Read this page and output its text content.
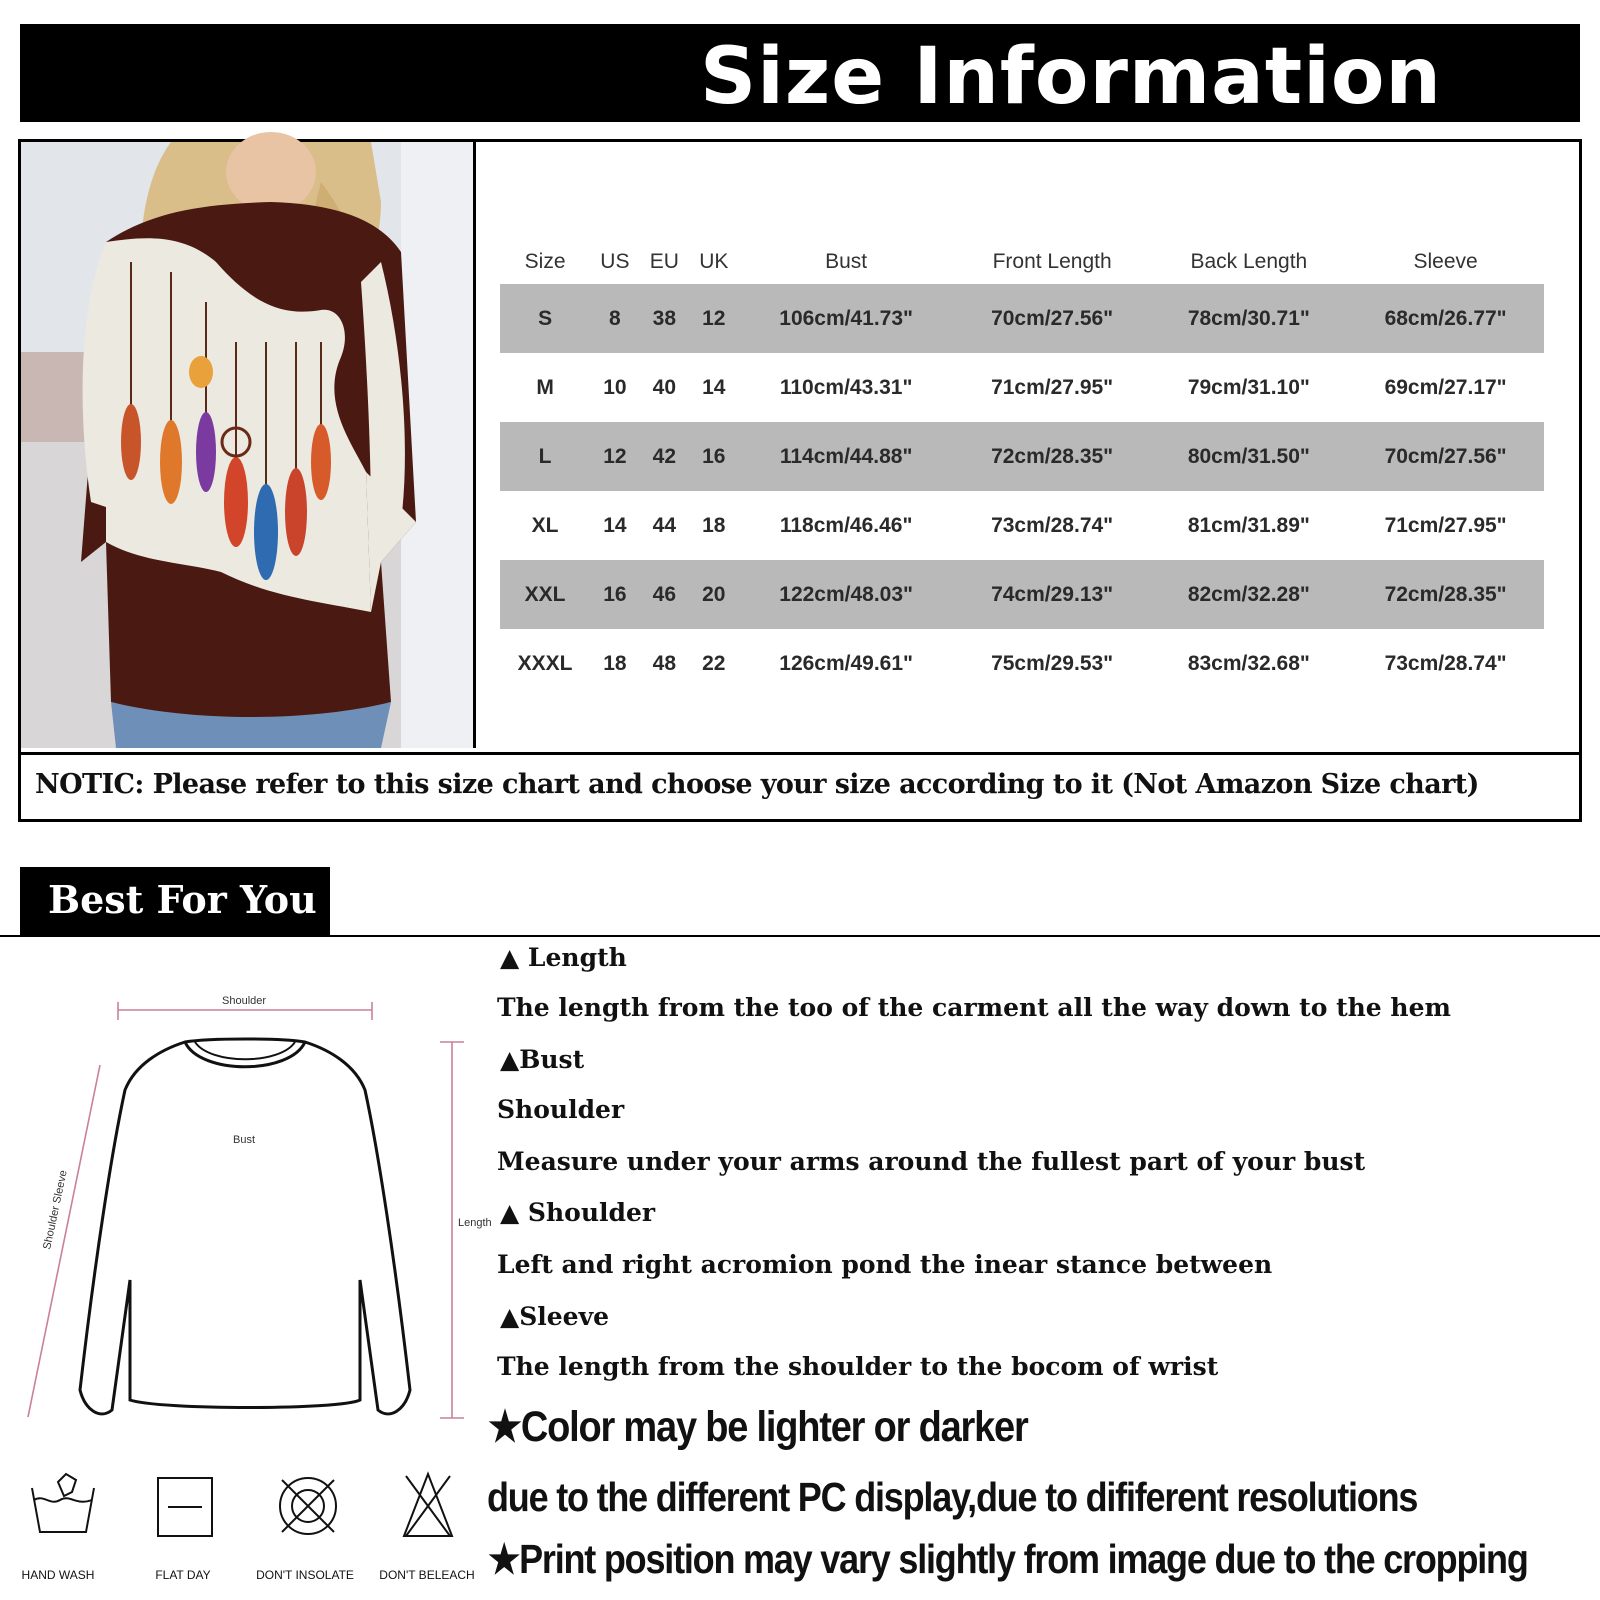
Size Information
Size	US	EU	UK	Bust	Front Length	Back Length	Sleeve
S	8	38	12	106cm/41.73"	70cm/27.56"	78cm/30.71"	68cm/26.77"
M	10	40	14	110cm/43.31"	71cm/27.95"	79cm/31.10"	69cm/27.17"
L	12	42	16	114cm/44.88"	72cm/28.35"	80cm/31.50"	70cm/27.56"
XL	14	44	18	118cm/46.46"	73cm/28.74"	81cm/31.89"	71cm/27.95"
XXL	16	46	20	122cm/48.03"	74cm/29.13"	82cm/32.28"	72cm/28.35"
XXXL	18	48	22	126cm/49.61"	75cm/29.53"	83cm/32.68"	73cm/28.74"
NOTIC: Please refer to this size chart and choose your size according to it (Not Amazon Size chart)
Best For You
Shoulder
Bust
Shoulder Sleeve	Length
▲ Length
The length from the too of the carment all the way down to the hem
▲Bust
Shoulder
Measure under your arms around the fullest part of your bust
▲ Shoulder
Left and right acromion pond the inear stance between
▲Sleeve
The length from the shoulder to the bocom of wrist
★Color may be lighter or darker
due to the different PC display,due to dififerent resolutions
★Print position may vary slightly from image due to the cropping
HAND WASH	FLAT DAY	DON'T INSOLATE	DON'T BELEACH
